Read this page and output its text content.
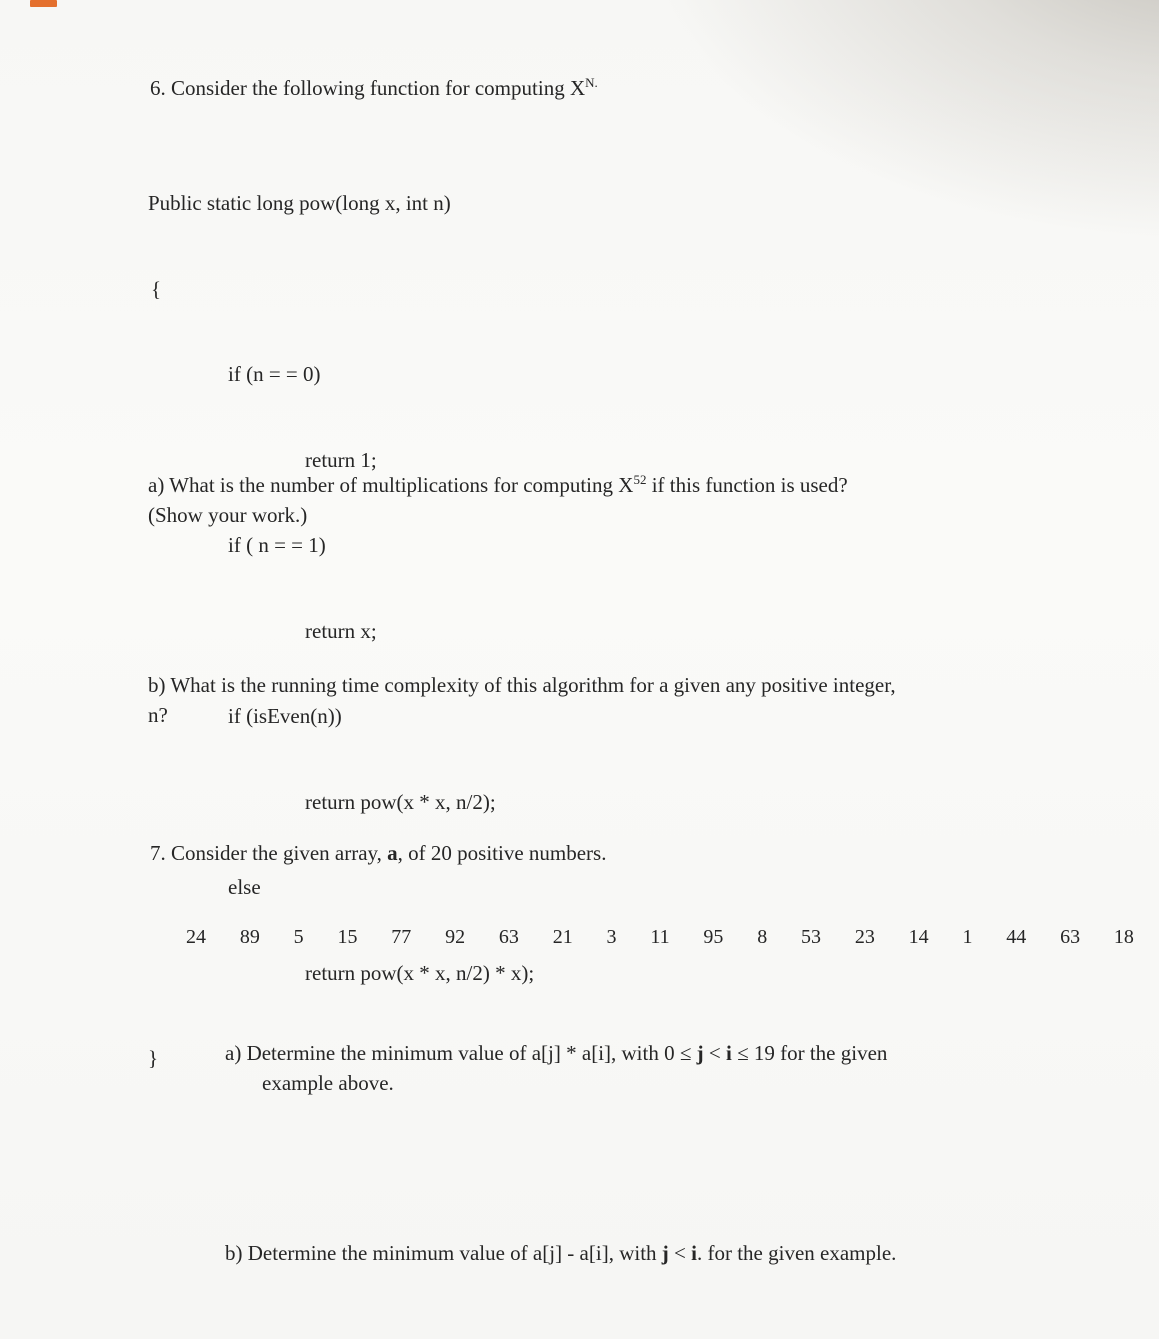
6. Consider the following function for computing $X^{N.}$

Public static long pow(long x, int n)

{

if (n = = 0)

return 1;

if ( n = = 1)

return x;

if (isEven(n))

return pow(x * x, n/2);

else

return pow(x * x, n/2) * x);

}

a) What is the number of multiplications for computing $X^{52}$ if this function is used?
(Show your work.)
b) What is the running time complexity of this algorithm for a given any positive integer,
n?
7. Consider the given array, a, of 20 positive numbers.
24 89 5 15 77 92 63 21 3 11 95 8 53 23 14 1 44 63 18
a) Determine the minimum value of a[j] * a[i], with 0 ≤ j < i ≤ 19 for the given
example above.
b) Determine the minimum value of a[j] - a[i], with j < i. for the given example.
